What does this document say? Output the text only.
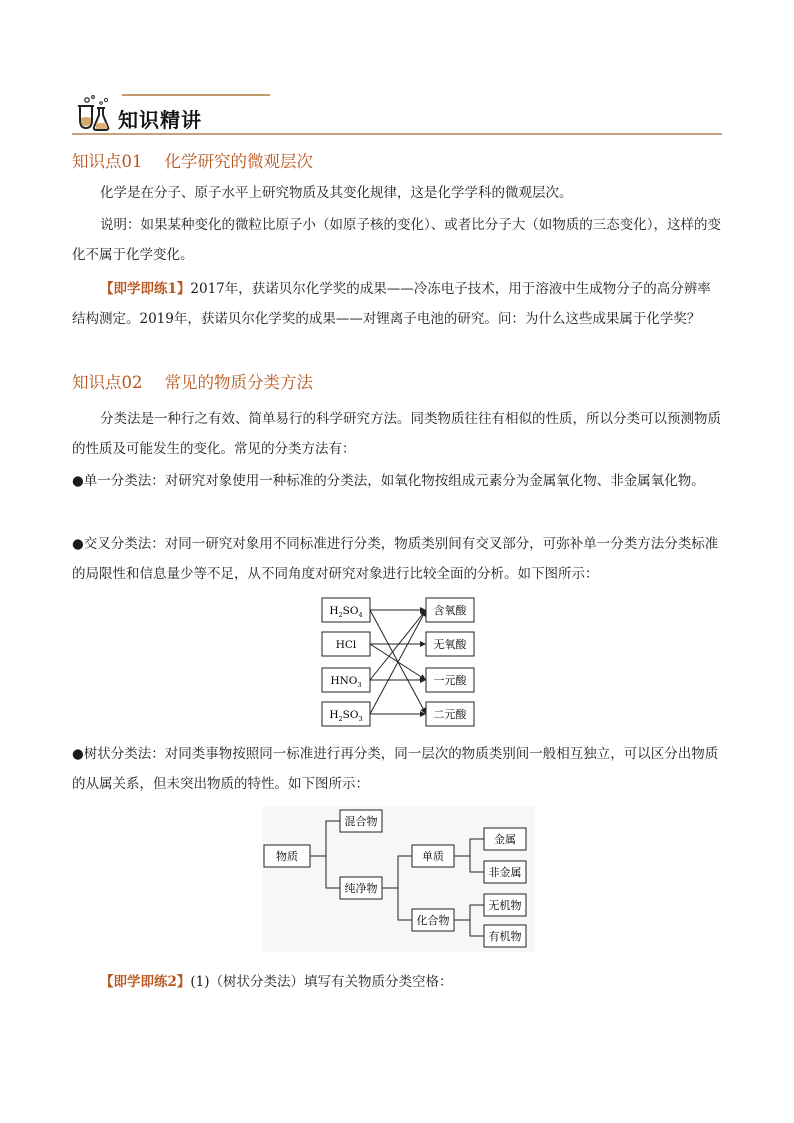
知识精讲
知识点01 化学研究的微观层次
化学是在分子、原子水平上研究物质及其变化规律，这是化学学科的微观层次。
说明：如果某种变化的微粒比原子小（如原子核的变化）、或者比分子大（如物质的三态变化），这样的变化不属于化学变化。
【即学即练1】2017年，获诺贝尔化学奖的成果——冷冻电子技术，用于溶液中生成物分子的高分辨率结构测定。2019年，获诺贝尔化学奖的成果——对锂离子电池的研究。问：为什么这些成果属于化学奖？
知识点02 常见的物质分类方法
分类法是一种行之有效、简单易行的科学研究方法。同类物质往往有相似的性质，所以分类可以预测物质的性质及可能发生的变化。常见的分类方法有：
●单一分类法：对研究对象使用一种标准的分类法，如氧化物按组成元素分为金属氧化物、非金属氧化物。
●交叉分类法：对同一研究对象用不同标准进行分类，物质类别间有交叉部分，可弥补单一分类方法分类标准的局限性和信息量少等不足，从不同角度对研究对象进行比较全面的分析。如下图所示：
$H_2SO_4$
HCl
$HNO_3$
$H_2SO_3$
含氧酸
无氧酸
一元酸
二元酸
●树状分类法：对同类事物按照同一标准进行再分类，同一层次的物质类别间一般相互独立，可以区分出物质的从属关系，但未突出物质的特性。如下图所示：
物质
混合物
纯净物
单质
化合物
金属
非金属
无机物
有机物
【即学即练2】(1)（树状分类法）填写有关物质分类空格：
